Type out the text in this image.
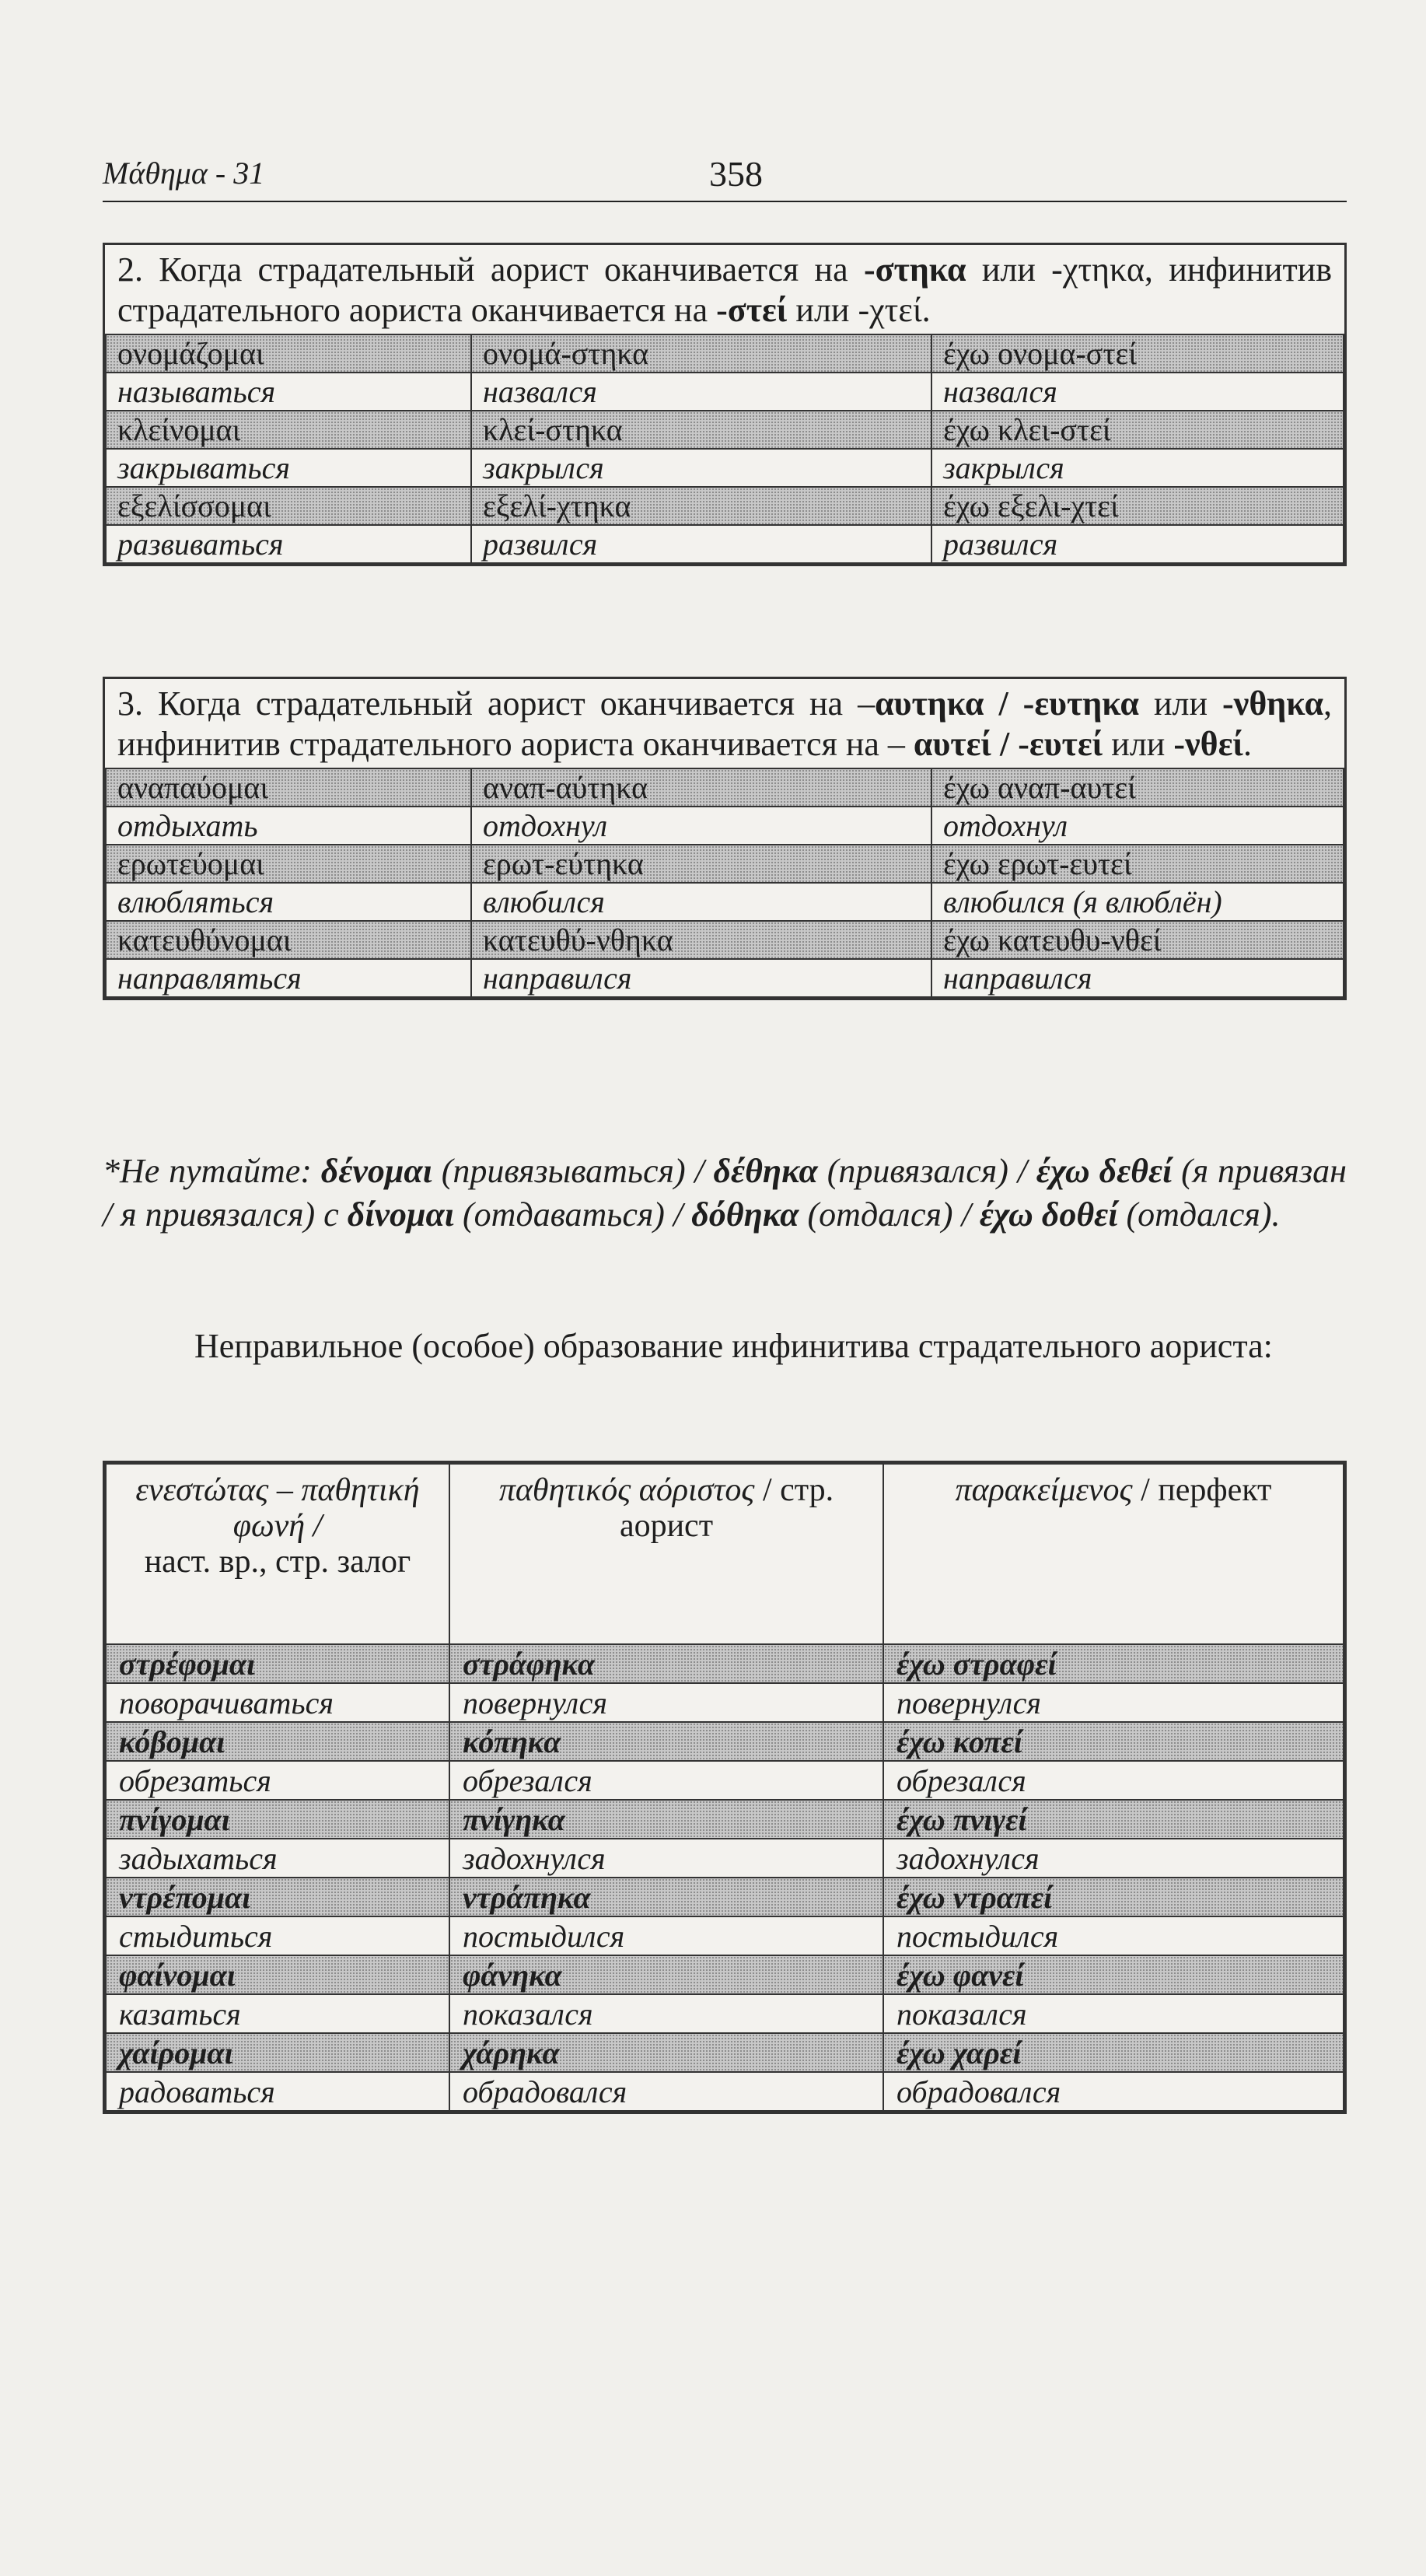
Μάθημα - 31	358
2. Когда страдательный аорист оканчивается на -στηκα или -χτηκα, инфинитив страдательного аориста оканчивается на -στεί или -χτεί.
ονομάζομαι	ονομά-στηκα	έχω ονομα-στεί
называться	назвался	назвался
κλείνομαι	κλεί-στηκα	έχω κλει-στεί
закрываться	закрылся	закрылся
εξελίσσομαι	εξελί-χτηκα	έχω εξελι-χτεί
развиваться	развился	развился
3. Когда страдательный аорист оканчивается на –αυτηκα / -ευτηκα или -νθηκα, инфинитив страдательного аориста оканчивается на – αυτεί / -ευτεί или -νθεί.
αναπαύομαι	αναπ-αύτηκα	έχω αναπ-αυτεί
отдыхать	отдохнул	отдохнул
ερωτεύομαι	ερωτ-εύτηκα	έχω ερωτ-ευτεί
влюбляться	влюбился	влюбился (я влюблён)
κατευθύνομαι	κατευθύ-νθηκα	έχω κατευθυ-νθεί
направляться	направился	направился
*Не путайте: δένομαι (привязываться) / δέθηκα (привязался) / έχω δεθεί (я привязан / я привязался) с δίνομαι (отдаваться) / δόθηκα (отдался) / έχω δοθεί (отдался).
Неправильное (особое) образование инфинитива страдательного аориста:
ενεστώτας – παθητική φωνή /
наст. вр., стр. залог	παθητικός αόριστος / стр. аорист	παρακείμενος / перфект
στρέφομαι	στράφηκα	έχω στραφεί
поворачиваться	повернулся	повернулся
κόβομαι	κόπηκα	έχω κοπεί
обрезаться	обрезался	обрезался
πνίγομαι	πνίγηκα	έχω πνιγεί
задыхаться	задохнулся	задохнулся
ντρέπομαι	ντράπηκα	έχω ντραπεί
стыдиться	постыдился	постыдился
φαίνομαι	φάνηκα	έχω φανεί
казаться	показался	показался
χαίρομαι	χάρηκα	έχω χαρεί
радоваться	обрадовался	обрадовался
